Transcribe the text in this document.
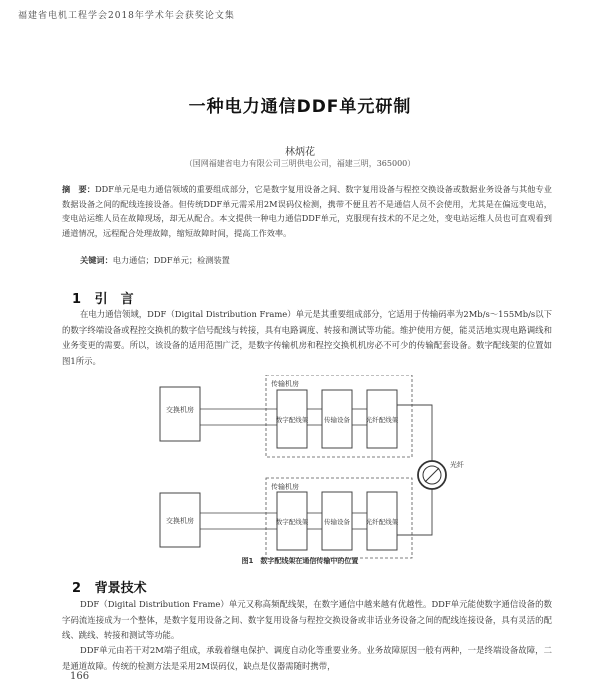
福建省电机工程学会2018年学术年会获奖论文集
一种电力通信DDF单元研制
林炳花
（国网福建省电力有限公司三明供电公司，福建三明，365000）
摘　要：DDF单元是电力通信领域的重要组成部分，它是数字复用设备之间、数字复用设备与程控交换设备或数据业务设备与其他专业数据设备之间的配线连接设备。但传统DDF单元需采用2M误码仪检测，携带不便且若不是通信人员不会使用，尤其是在偏远变电站，变电站运维人员在故障现场，却无从配合。本文提供一种电力通信DDF单元，克服现有技术的不足之处，变电站运维人员也可直观看到通道情况，远程配合处理故障，缩短故障时间，提高工作效率。
关键词：电力通信；DDF单元；检测装置
1 引　言
在电力通信领域，DDF（Digital Distribution Frame）单元是其重要组成部分，它适用于传输码率为2Mb/s～155Mb/s以下的数字终端设备或程控交换机的数字信号配线与转接，具有电路调度、转接和测试等功能。维护使用方便，能灵活地实现电路调线和业务变更的需要。所以，该设备的适用范围广泛，是数字传输机房和程控交换机机房必不可少的传输配套设备。数字配线架的位置如图1所示。
传输机房
传输机房
交换机房
交换机房
数字配线架 传输设备 光纤配线架
数字配线架 传输设备 光纤配线架
光纤
图1　数字配线架在通信传输中的位置
2 背景技术
DDF（Digital Distribution Frame）单元又称高频配线架，在数字通信中越来越有优越性。DDF单元能使数字通信设备的数字码流连接成为一个整体，是数字复用设备之间、数字复用设备与程控交换设备或非话业务设备之间的配线连接设备，具有灵活的配线、跳线、转接和测试等功能。
DDF单元由若干对2M端子组成，承载着继电保护、调度自动化等重要业务。业务故障原因一般有两种，一是终端设备故障，二是通道故障。传统的检测方法是采用2M误码仪，缺点是仪器需随时携带，
166
